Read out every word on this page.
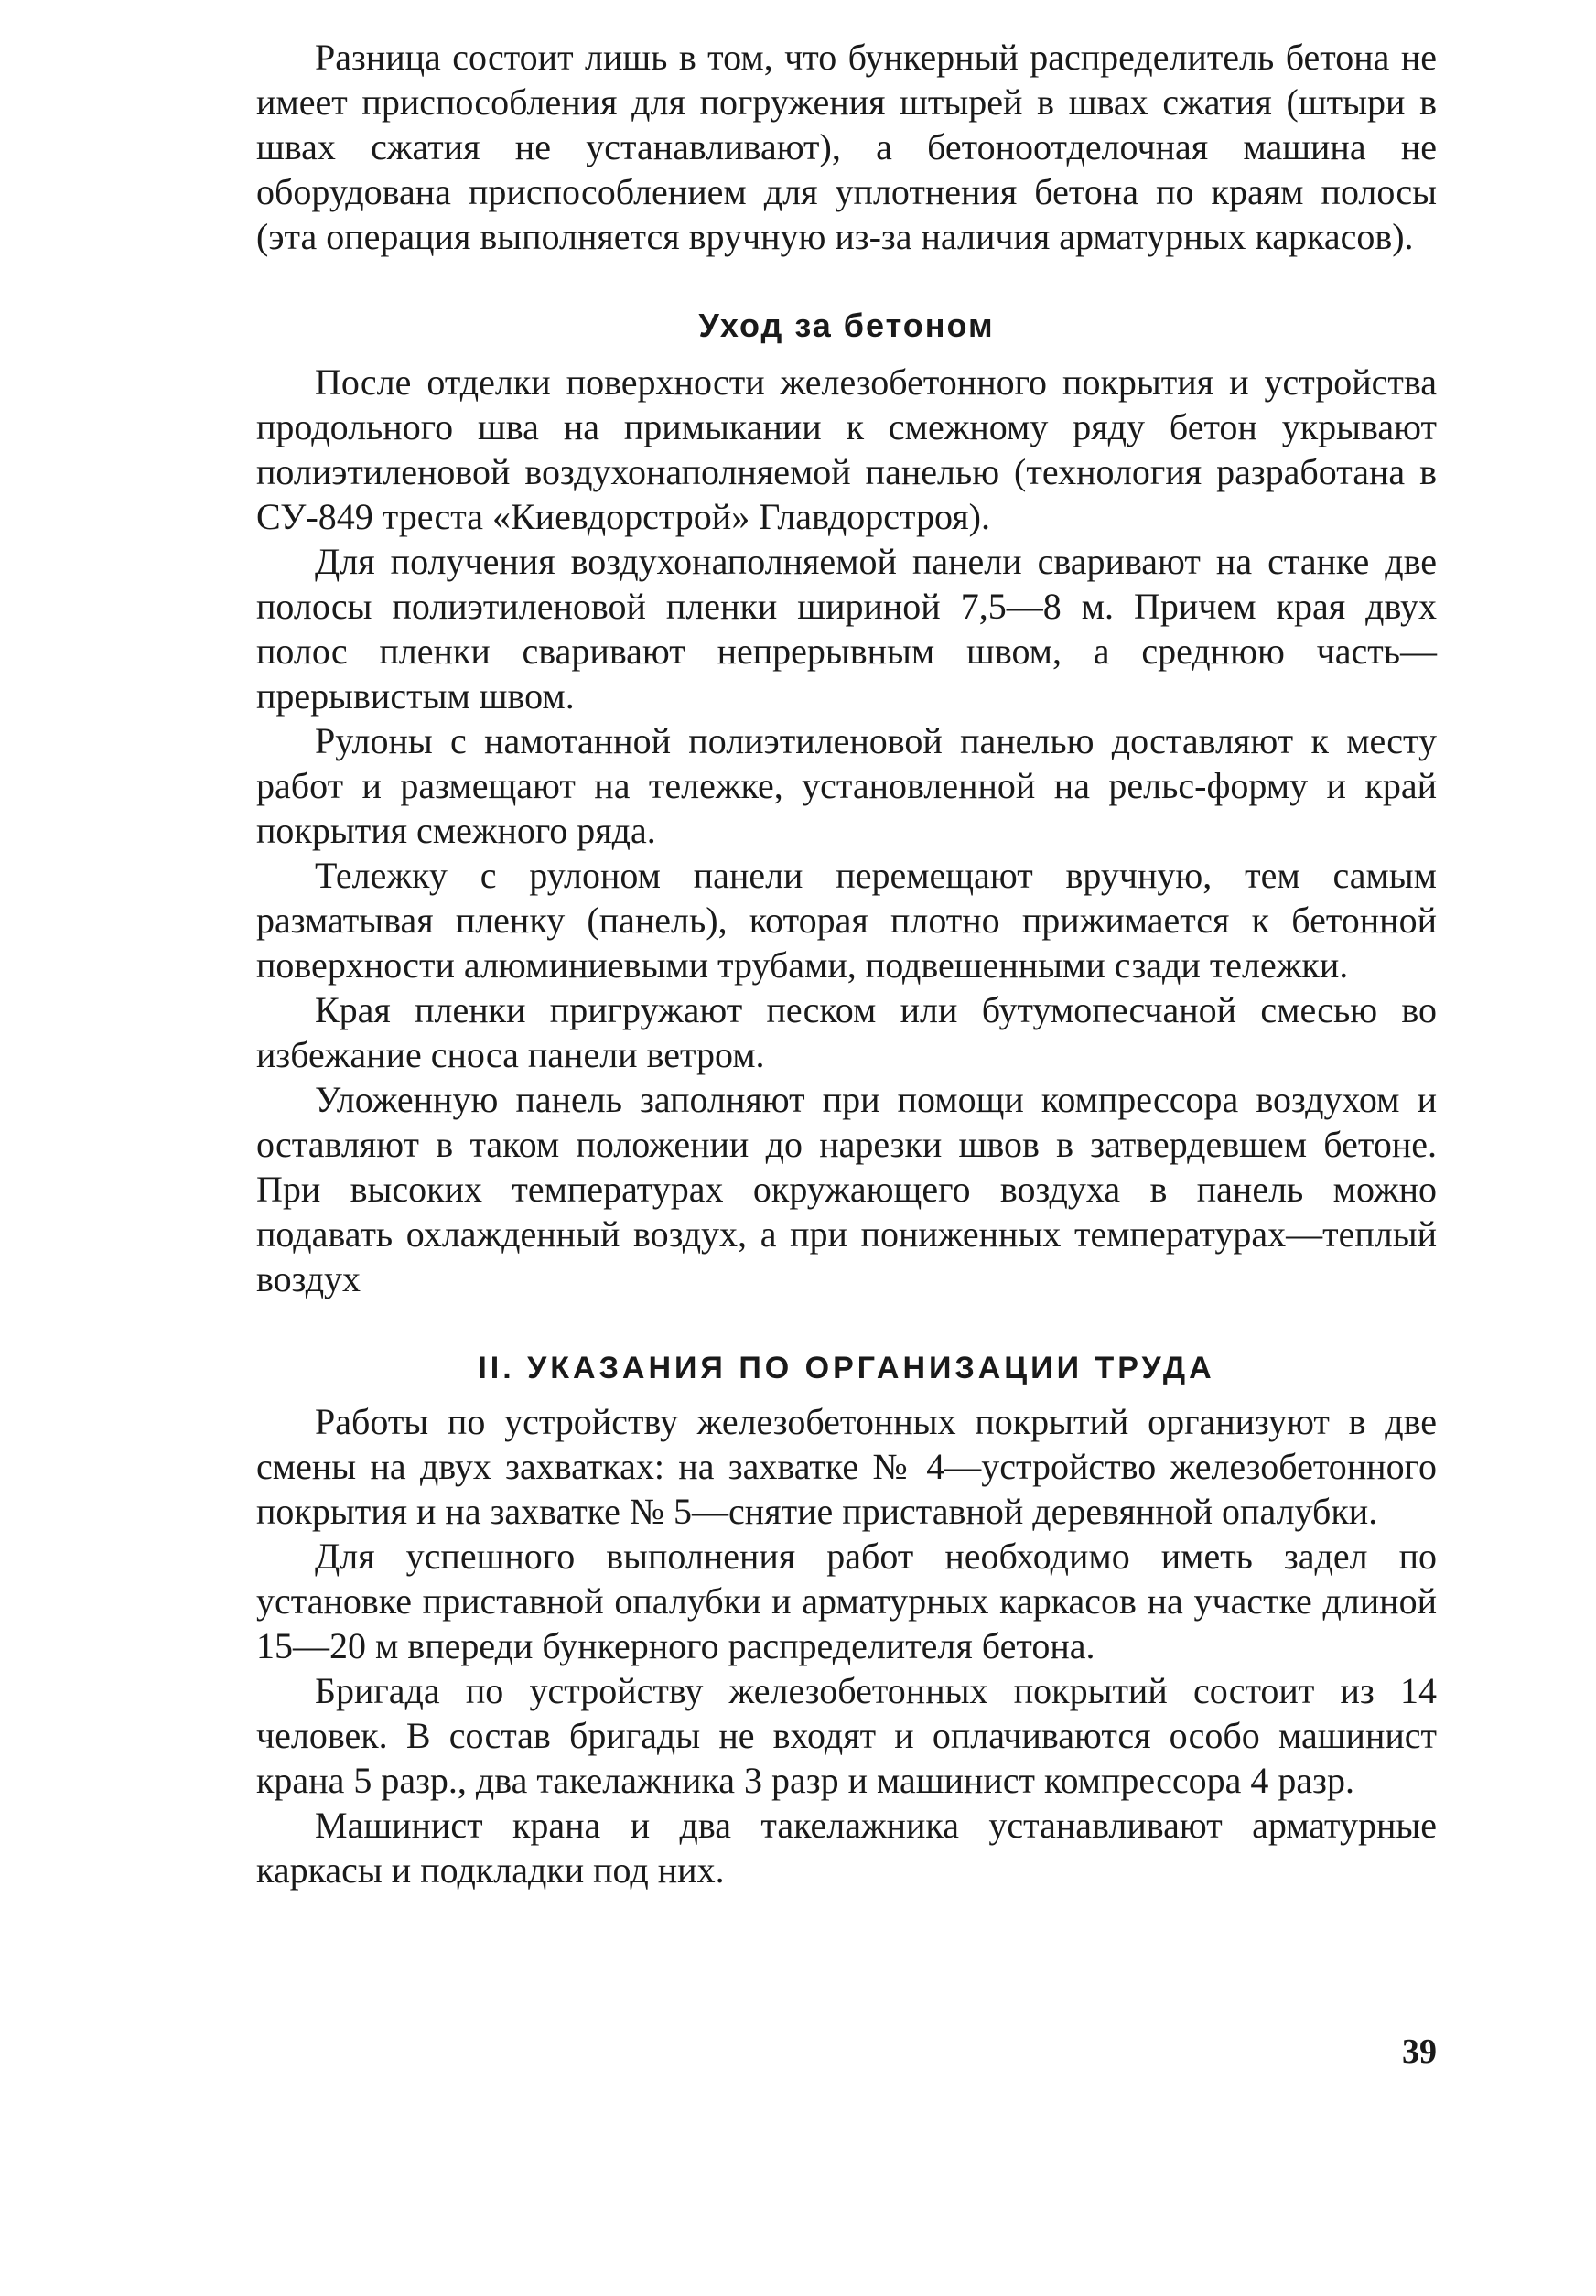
Разница состоит лишь в том, что бункерный распределитель бетона не имеет приспособления для погружения штырей в швах сжатия (штыри в швах сжатия не устанавливают), а бетоноотделочная машина не оборудована приспособлением для уплотнения бетона по краям полосы (эта операция выполняется вручную из-за наличия арматурных каркасов).

Уход за бетоном

После отделки поверхности железобетонного покрытия и устройства продольного шва на примыкании к смежному ряду бетон укрывают полиэтиленовой воздухонаполняемой панелью (технология разработана в СУ-849 треста «Киевдорстрой» Главдорстроя).

Для получения воздухонаполняемой панели сваривают на станке две полосы полиэтиленовой пленки шириной 7,5—8 м. Причем края двух полос пленки сваривают непрерывным швом, а среднюю часть—прерывистым швом.

Рулоны с намотанной полиэтиленовой панелью доставляют к месту работ и размещают на тележке, установленной на рельс-форму и край покрытия смежного ряда.

Тележку с рулоном панели перемещают вручную, тем самым разматывая пленку (панель), которая плотно прижимается к бетонной поверхности алюминиевыми трубами, подвешенными сзади тележки.

Края пленки пригружают песком или бутумопесчаной смесью во избежание сноса панели ветром.

Уложенную панель заполняют при помощи компрессора воздухом и оставляют в таком положении до нарезки швов в затвердевшем бетоне. При высоких температурах окружающего воздуха в панель можно подавать охлажденный воздух, а при пониженных температурах—теплый воздух

II. УКАЗАНИЯ ПО ОРГАНИЗАЦИИ ТРУДА

Работы по устройству железобетонных покрытий организуют в две смены на двух захватках: на захватке № 4—устройство железобетонного покрытия и на захватке № 5—снятие приставной деревянной опалубки.

Для успешного выполнения работ необходимо иметь задел по установке приставной опалубки и арматурных каркасов на участке длиной 15—20 м впереди бункерного распределителя бетона.

Бригада по устройству железобетонных покрытий состоит из 14 человек. В состав бригады не входят и оплачиваются особо машинист крана 5 разр., два такелажника 3 разр и машинист компрессора 4 разр.

Машинист крана и два такелажника устанавливают арматурные каркасы и подкладки под них.

39
